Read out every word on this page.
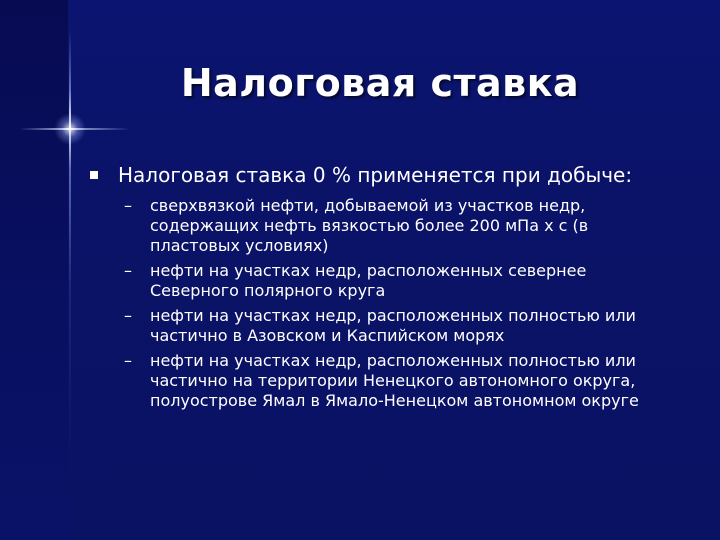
Налоговая ставка
Налоговая ставка 0 % применяется при добыче:
– сверхвязкой нефти, добываемой из участков недр, содержащих нефть вязкостью более 200 мПа х с (в пластовых условиях)
– нефти на участках недр, расположенных севернее Северного полярного круга
– нефти на участках недр, расположенных полностью или частично в Азовском и Каспийском морях
– нефти на участках недр, расположенных полностью или частично на территории Ненецкого автономного округа, полуострове Ямал в Ямало-Ненецком автономном округе
